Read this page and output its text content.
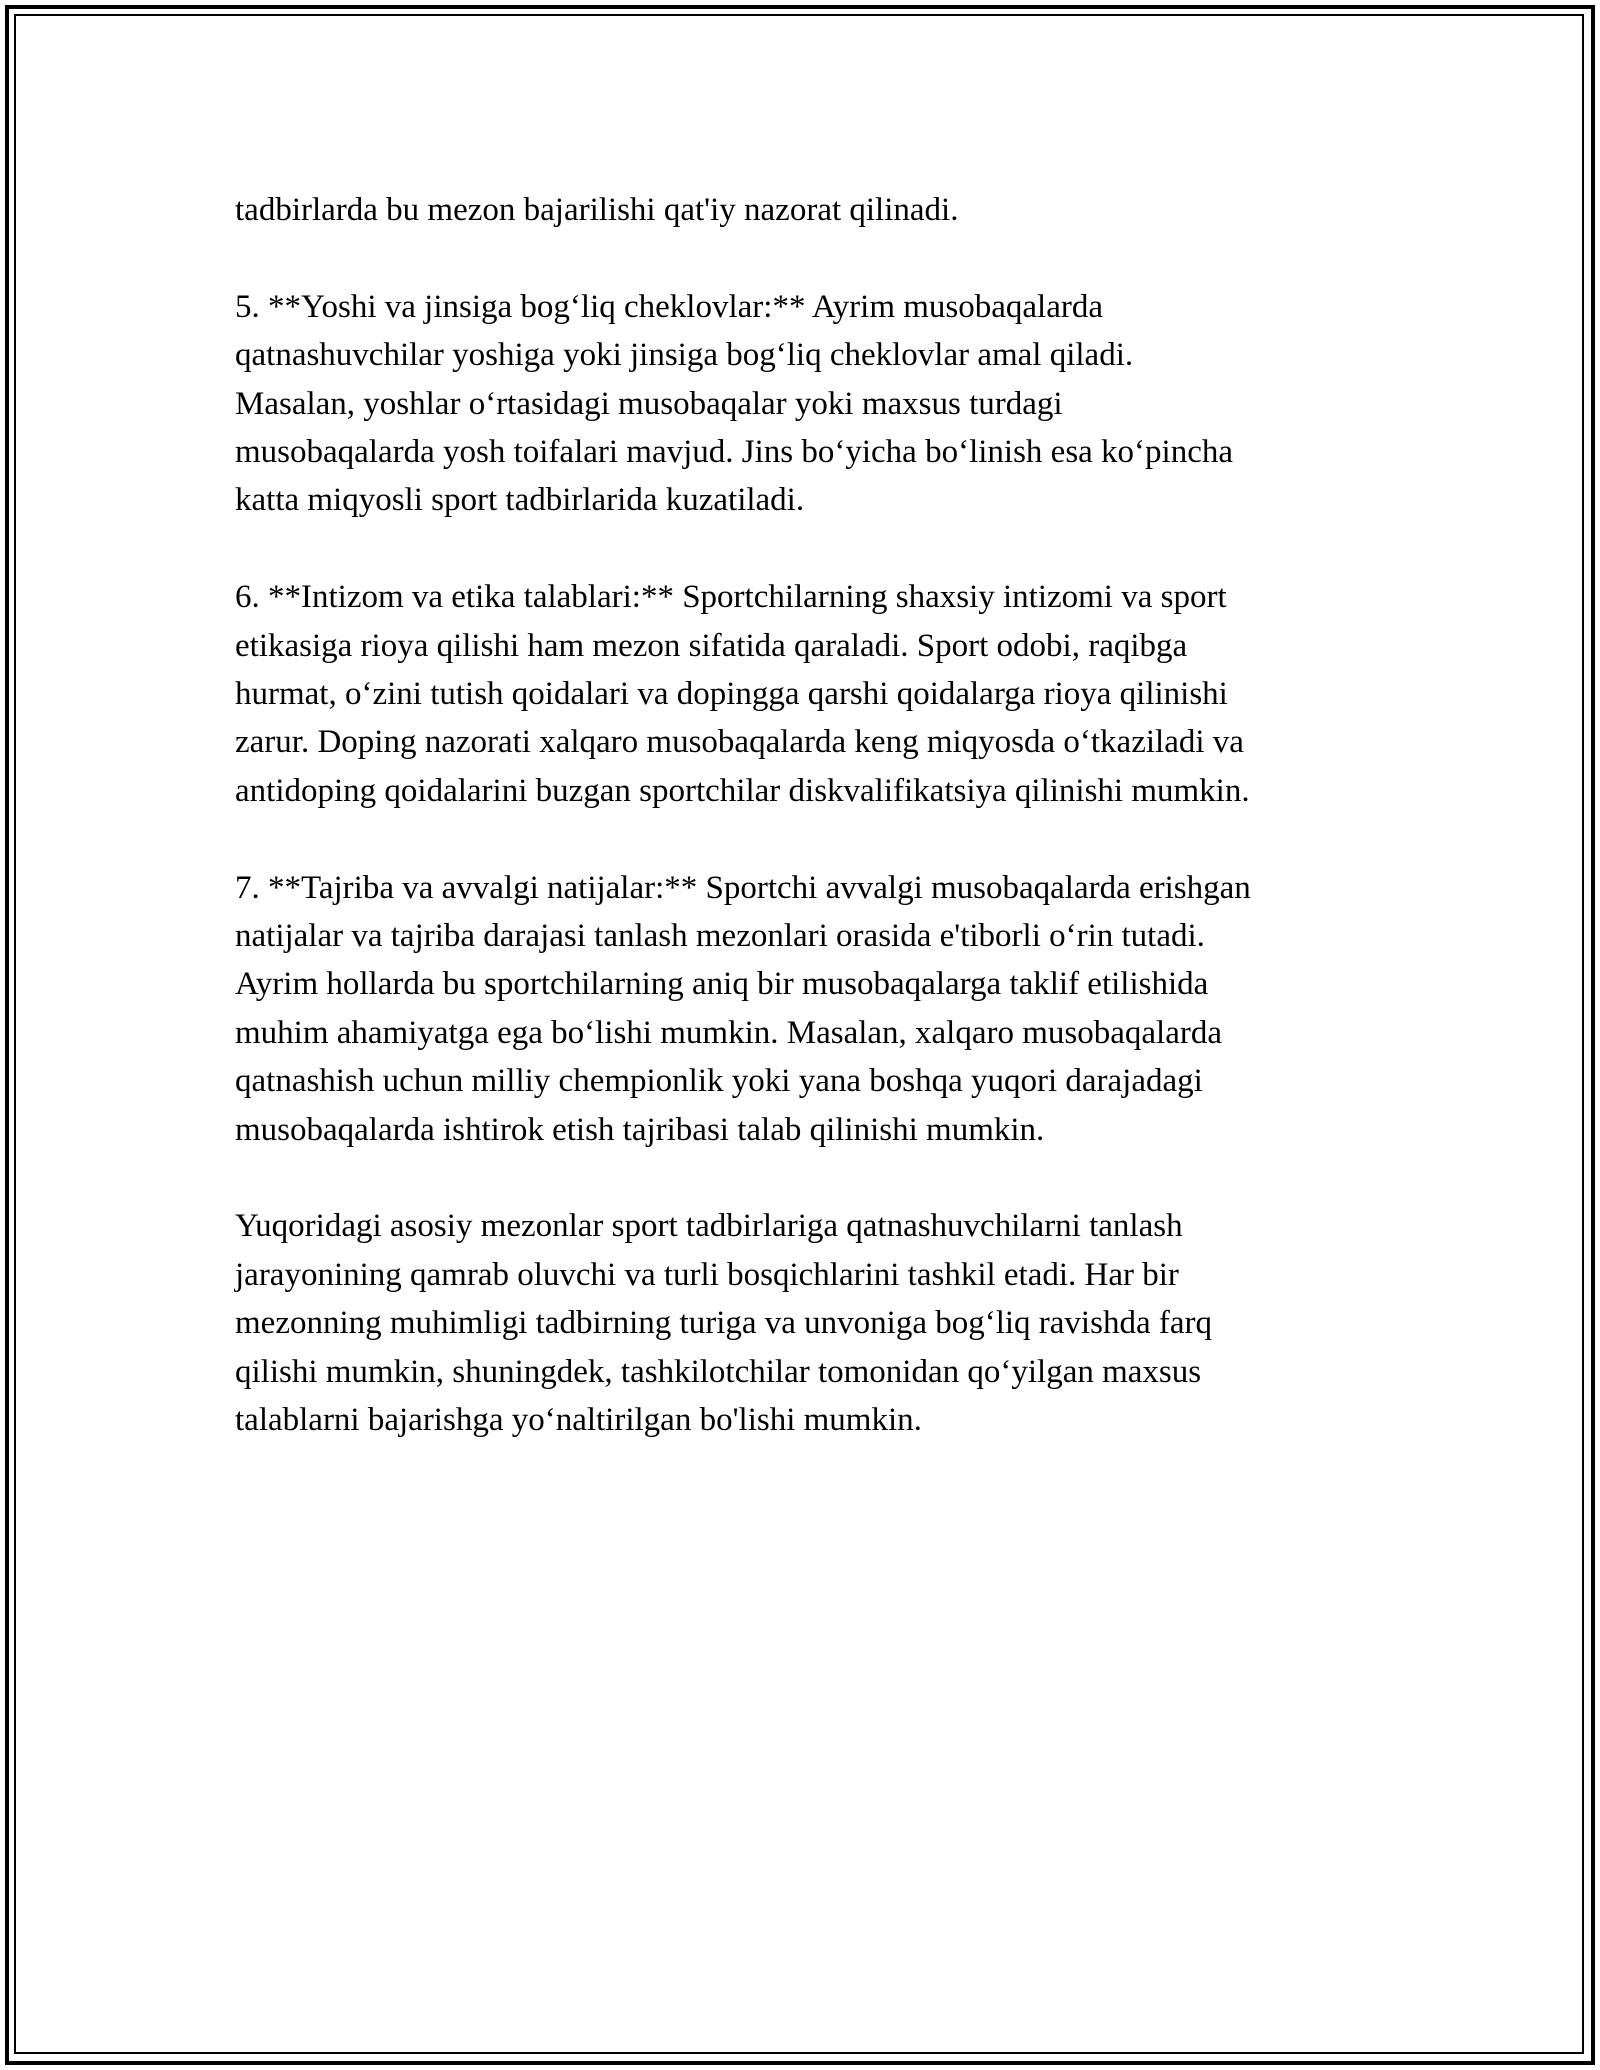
tadbirlarda bu mezon bajarilishi qat'iy nazorat qilinadi.
5. **Yoshi va jinsiga bog‘liq cheklovlar:** Ayrim musobaqalarda
qatnashuvchilar yoshiga yoki jinsiga bog‘liq cheklovlar amal qiladi.
Masalan, yoshlar o‘rtasidagi musobaqalar yoki maxsus turdagi
musobaqalarda yosh toifalari mavjud. Jins bo‘yicha bo‘linish esa ko‘pincha
katta miqyosli sport tadbirlarida kuzatiladi.
6. **Intizom va etika talablari:** Sportchilarning shaxsiy intizomi va sport
etikasiga rioya qilishi ham mezon sifatida qaraladi. Sport odobi, raqibga
hurmat, o‘zini tutish qoidalari va dopingga qarshi qoidalarga rioya qilinishi
zarur. Doping nazorati xalqaro musobaqalarda keng miqyosda o‘tkaziladi va
antidoping qoidalarini buzgan sportchilar diskvalifikatsiya qilinishi mumkin.
7. **Tajriba va avvalgi natijalar:** Sportchi avvalgi musobaqalarda erishgan
natijalar va tajriba darajasi tanlash mezonlari orasida e'tiborli o‘rin tutadi.
Ayrim hollarda bu sportchilarning aniq bir musobaqalarga taklif etilishida
muhim ahamiyatga ega bo‘lishi mumkin. Masalan, xalqaro musobaqalarda
qatnashish uchun milliy chempionlik yoki yana boshqa yuqori darajadagi
musobaqalarda ishtirok etish tajribasi talab qilinishi mumkin.
Yuqoridagi asosiy mezonlar sport tadbirlariga qatnashuvchilarni tanlash
jarayonining qamrab oluvchi va turli bosqichlarini tashkil etadi. Har bir
mezonning muhimligi tadbirning turiga va unvoniga bog‘liq ravishda farq
qilishi mumkin, shuningdek, tashkilotchilar tomonidan qo‘yilgan maxsus
talablarni bajarishga yo‘naltirilgan bo'lishi mumkin.
